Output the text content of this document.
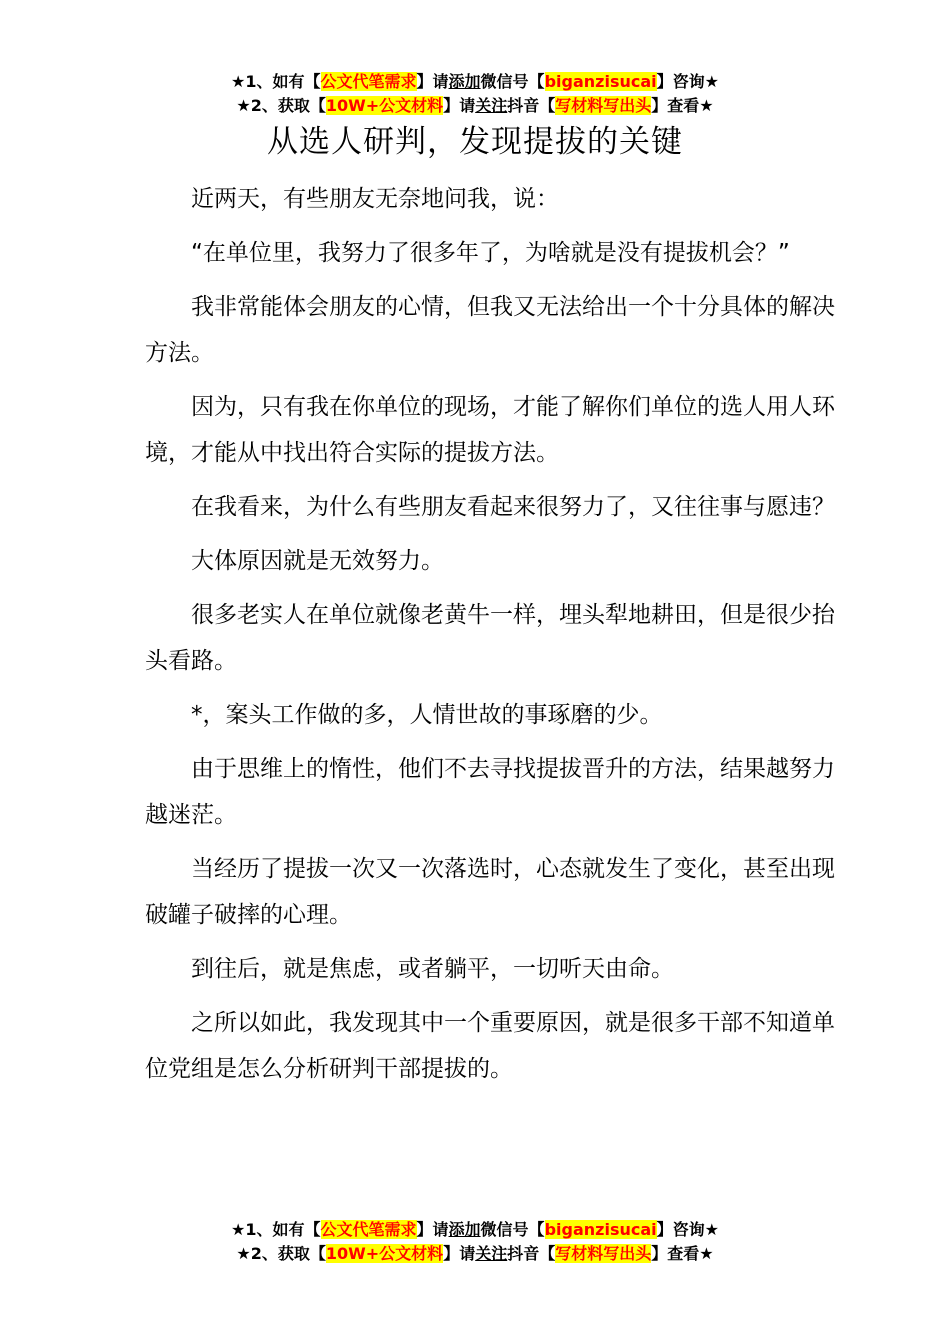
★1、如有【公文代笔需求】请添加微信号【biganzisucai】咨询★
★2、获取【10W+公文材料】请关注抖音【写材料写出头】查看★
从选人研判，发现提拔的关键

近两天，有些朋友无奈地问我，说：

“在单位里，我努力了很多年了，为啥就是没有提拔机会？”

我非常能体会朋友的心情，但我又无法给出一个十分具体的解决方法。

因为，只有我在你单位的现场，才能了解你们单位的选人用人环境，才能从中找出符合实际的提拔方法。

在我看来，为什么有些朋友看起来很努力了，又往往事与愿违？

大体原因就是无效努力。

很多老实人在单位就像老黄牛一样，埋头犁地耕田，但是很少抬头看路。

*，案头工作做的多，人情世故的事琢磨的少。

由于思维上的惰性，他们不去寻找提拔晋升的方法，结果越努力越迷茫。

当经历了提拔一次又一次落选时，心态就发生了变化，甚至出现破罐子破摔的心理。

到往后，就是焦虑，或者躺平，一切听天由命。

之所以如此，我发现其中一个重要原因，就是很多干部不知道单位党组是怎么分析研判干部提拔的。

★1、如有【公文代笔需求】请添加微信号【biganzisucai】咨询★
★2、获取【10W+公文材料】请关注抖音【写材料写出头】查看★
